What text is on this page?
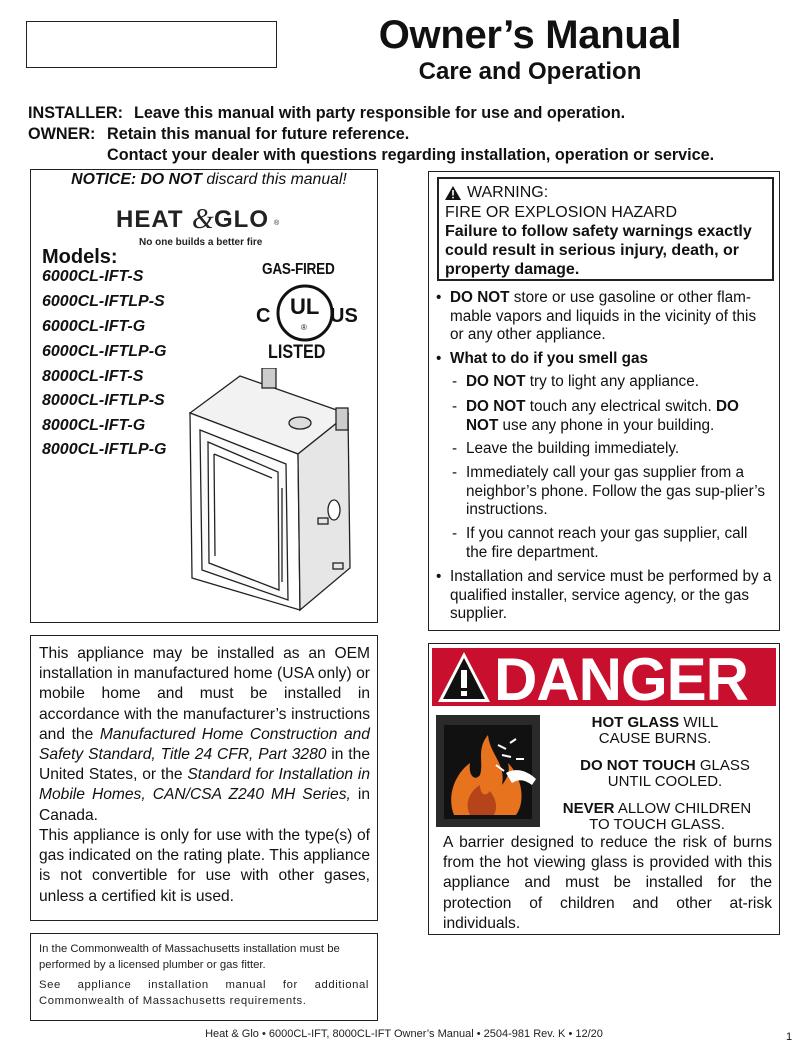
Owner’s Manual
Care and Operation
INSTALLER: Leave this manual with party responsible for use and operation.
OWNER: Retain this manual for future reference.
Contact your dealer with questions regarding installation, operation or service.
NOTICE: DO NOT discard this manual!
HEAT & GLO ®
No one builds a better fire
Models:
6000CL-IFT-S
6000CL-IFTLP-S
6000CL-IFT-G
6000CL-IFTLP-G
8000CL-IFT-S
8000CL-IFTLP-S
8000CL-IFT-G
8000CL-IFTLP-G
GAS-FIRED
C	US
UL
®
LISTED
WARNING:
FIRE OR EXPLOSION HAZARD
Failure to follow safety warnings exactly
could result in serious injury, death, or
property damage.
• DO NOT store or use gasoline or other flam-mable vapors and liquids in the vicinity of this or any other appliance.
• What to do if you smell gas
- DO NOT try to light any appliance.
- DO NOT touch any electrical switch. DO NOT use any phone in your building.
- Leave the building immediately.
- Immediately call your gas supplier from a neighbor’s phone. Follow the gas sup-plier’s instructions.
- If you cannot reach your gas supplier, call the fire department.
• Installation and service must be performed by a qualified installer, service agency, or the gas supplier.
This appliance may be installed as an OEM installation in manufactured home (USA only) or mobile home and must be installed in accordance with the manufacturer’s instructions and the Manufactured Home Construction and Safety Standard, Title 24 CFR, Part 3280 in the United States, or the Standard for Installation in Mobile Homes, CAN/CSA Z240 MH Series, in Canada.
This appliance is only for use with the type(s) of gas indicated on the rating plate. This appliance is not convertible for use with other gases, unless a certified kit is used.
In the Commonwealth of Massachusetts installation must be performed by a licensed plumber or gas fitter.
See appliance installation manual for additional Commonwealth of Massachusetts requirements.
DANGER
HOT GLASS WILL
CAUSE BURNS.
DO NOT TOUCH GLASS
UNTIL COOLED.
NEVER ALLOW CHILDREN
TO TOUCH GLASS.
A barrier designed to reduce the risk of burns from the hot viewing glass is provided with this appliance and must be installed for the protection of children and other at-risk individuals.
Heat & Glo • 6000CL-IFT, 8000CL-IFT Owner’s Manual • 2504-981 Rev. K • 12/20	1
